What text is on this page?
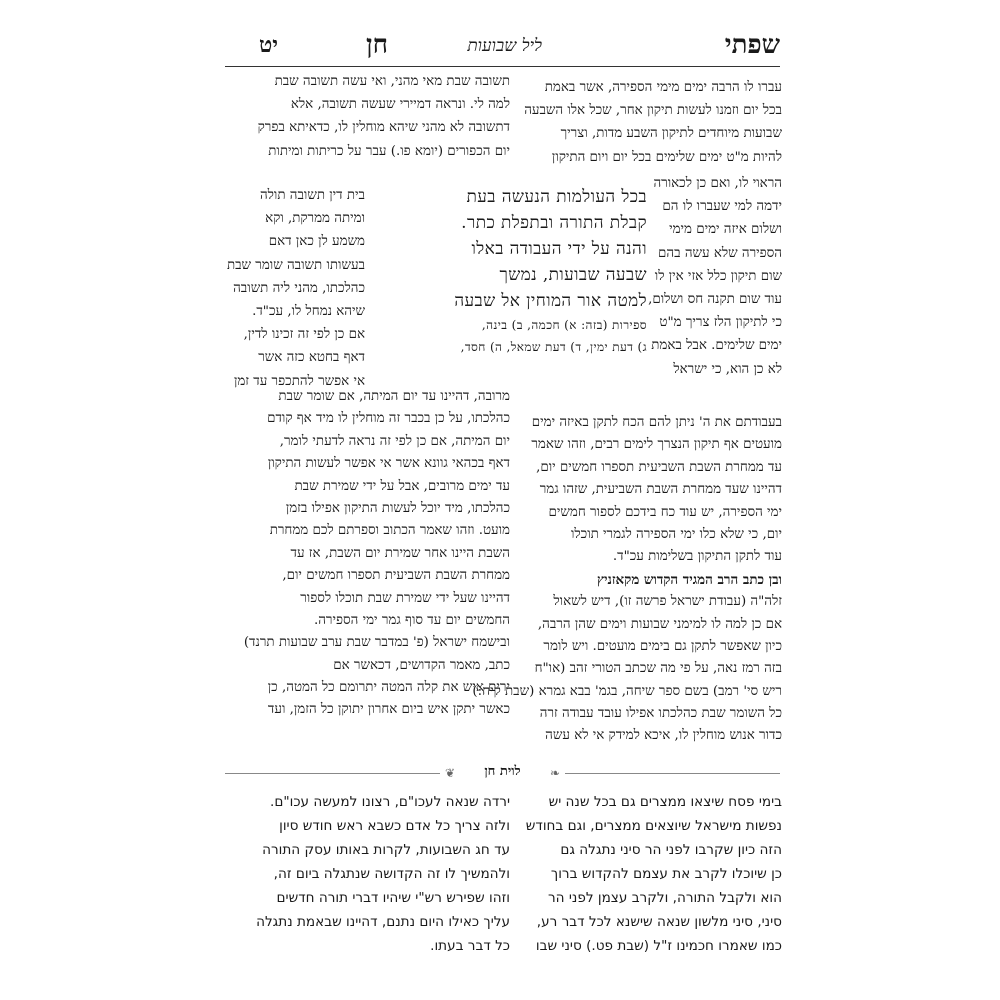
שפתי
ליל שבועות
חן
יט
עברו לו הרבה ימים מימי הספירה, אשר באמת
בכל יום וזמנו לעשות תיקון אחר, שכל אלו השבעה
שבועות מיוחדים לתיקון השבע מדות, וצריך
להיות מ"ט ימים שלימים בכל יום ויום התיקון
הראוי לו, ואם כן לכאורה
ידמה למי שעברו לו הם
ושלום איזה ימים מימי
הספירה שלא עשה בהם
שום תיקון כלל אזי אין לו
עוד שום תקנה חס ושלום,
כי לתיקון הלז צריך מ"ט
ימים שלימים. אבל באמת
לא כן הוא, כי ישראל
בעבודתם את ה' ניתן להם הכח לתקן באיזה ימים
מועטים אף תיקון הנצרך לימים רבים, וזהו שאמר
עד ממחרת השבת השביעית תספרו חמשים יום,
דהיינו שעד ממחרת השבת השביעית, שזהו גמר
ימי הספירה, יש עוד כח בידכם לספור חמשים
יום, כי שלא כלו ימי הספירה לגמרי תוכלו
עוד לתקן התיקון בשלימות עכ"ד.
ובן כתב הרב המגיד הקדוש מקאזניץ
זלה"ה (עבודת ישראל פרשה זו), דיש לשאול
אם כן למה לו למימני שבועות וימים שהן הרבה,
כיון שאפשר לתקן גם בימים מועטים. ויש לומר
בזה רמז נאה, על פי מה שכתב הטורי זהב (או"ח
ריש סי' רמב) בשם ספר שיחה, בגמ' בבא גמרא (שבת קיח:)
כל השומר שבת כהלכתו אפילו עובד עבודה זרה
כדור אנוש מוחלין לו, איכא למידק אי לא עשה
תשובה שבת מאי מהני, ואי עשה תשובה שבת
למה לי. ונראה דמיירי שעשה תשובה, אלא
דתשובה לא מהני שיהא מוחלין לו, כדאיתא בפרק
יום הכפורים (יומא פו.) עבר על כריתות ומיתות
בית דין תשובה תולה
ומיתה ממרקת, וקא
משמע לן כאן דאם
בעשותו תשובה שומר שבת
כהלכתו, מהני ליה תשובה
שיהא נמחל לו, עכ"ד.
אם כן לפי זה זכינו לדין,
דאף בחטא כזה אשר
אי אפשר להתכפר עד זמן
בכל העולמות הנעשה בעת
קבלת התורה ובתפלת כתר.
והנה על ידי העבודה באלו
שבעה שבועות, נמשך
למטה אור המוחין אל שבעה
ספירות (בזה: א) חכמה, ב) בינה,
ג) דעת ימין, ד) דעת שמאל, ה) חסד,
מרובה, דהיינו עד יום המיתה, אם שומר שבת
כהלכתו, על כן בכבר זה מוחלין לו מיד אף קודם
יום המיתה, אם כן לפי זה נראה לדעתי לומר,
דאף בכהאי גוונא אשר אי אפשר לעשות התיקון
עד ימים מרובים, אבל על ידי שמירת שבת
כהלכתו, מיד יוכל לעשות התיקון אפילו בזמן
מועט. וזהו שאמר הכתוב וספרתם לכם ממחרת
השבת היינו אחר שמירת יום השבת, אז עד
ממחרת השבת השביעית תספרו חמשים יום,
דהיינו שעל ידי שמירת שבת תוכלו לספור
החמשים יום עד סוף גמר ימי הספירה.
ובישמח ישראל (פ' במדבר שבת ערב שבועות תרנד)
כתב, מאמר הקדושים, דכאשר אם
ירים איש את קלה המטה יתרומם כל המטה, כן
כאשר יתקן איש ביום אחרון יתוקן כל הזמן, ועד
❦	❧
לוית חן
בימי פסח שיצאו ממצרים גם בכל שנה יש
נפשות מישראל שיוצאים ממצרים, וגם בחודש
הזה כיון שקרבו לפני הר סיני נתגלה גם
כן שיוכלו לקרב את עצמם להקדוש ברוך
הוא ולקבל התורה, ולקרב עצמן לפני הר
סיני, סיני מלשון שנאה שישנא לכל דבר רע,
כמו שאמרו חכמינו ז"ל (שבת פט.) סיני שבו
ירדה שנאה לעכו"ם, רצונו למעשה עכו"ם.
ולזה צריך כל אדם כשבא ראש חודש סיון
עד חג השבועות, לקרות באותו עסק התורה
ולהמשיך לו זה הקדושה שנתגלה ביום זה,
וזהו שפירש רש"י שיהיו דברי תורה חדשים
עליך כאילו היום נתנם, דהיינו שבאמת נתגלה
כל דבר בעתו.
